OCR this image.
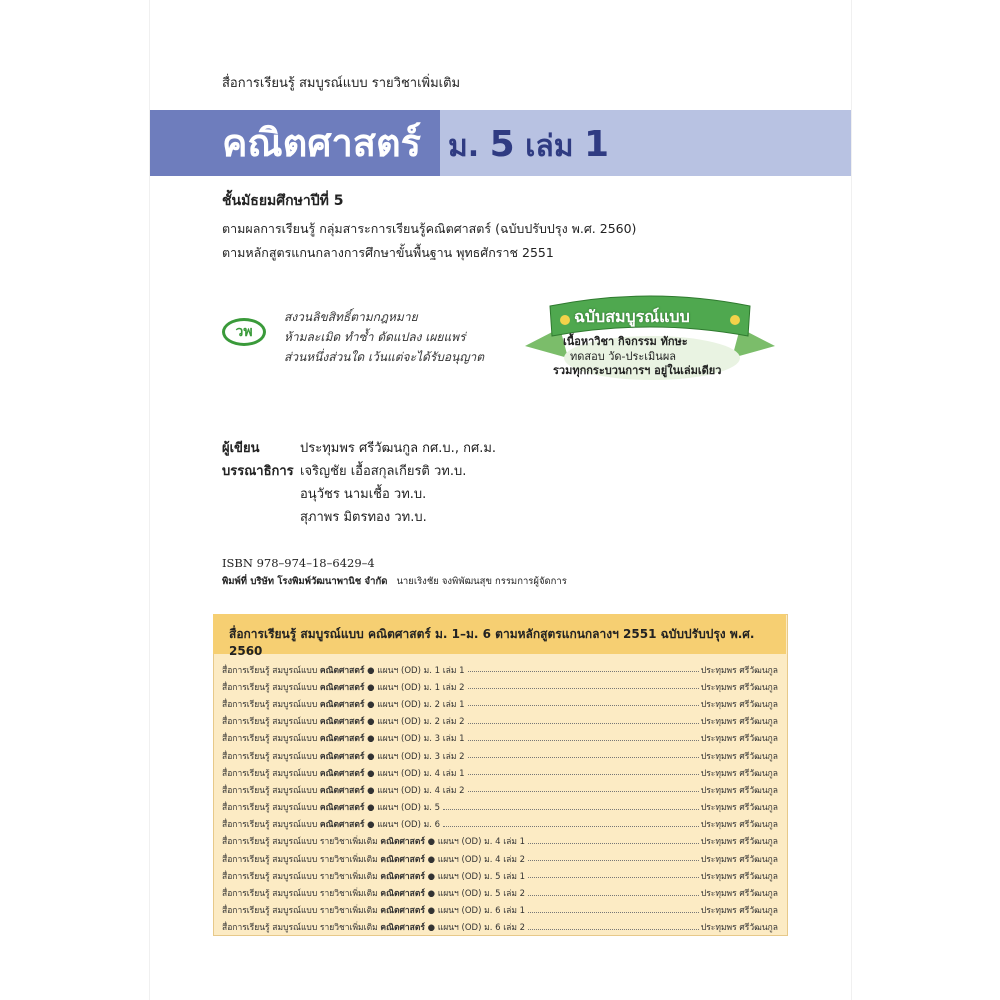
สื่อการเรียนรู้ สมบูรณ์แบบ รายวิชาเพิ่มเติม
คณิตศาสตร์ ม. 5 เล่ม 1
ชั้นมัธยมศึกษาปีที่ 5
ตามผลการเรียนรู้ กลุ่มสาระการเรียนรู้คณิตศาสตร์ (ฉบับปรับปรุง พ.ศ. 2560)
ตามหลักสูตรแกนกลางการศึกษาขั้นพื้นฐาน พุทธศักราช 2551
วพ
สงวนลิขสิทธิ์ตามกฎหมาย
ห้ามละเมิด ทำซ้ำ ดัดแปลง เผยแพร่
ส่วนหนึ่งส่วนใด เว้นแต่จะได้รับอนุญาต
ฉบับสมบูรณ์แบบ
เนื้อหาวิชา กิจกรรม ทักษะ
ทดสอบ วัด-ประเมินผล
รวมทุกกระบวนการฯ อยู่ในเล่มเดียว
ผู้เขียน	ประทุมพร ศรีวัฒนกูล กศ.บ., กศ.ม.
บรรณาธิการ เจริญชัย เอื้อสกุลเกียรติ วท.บ.
อนุวัชร นามเชื้อ วท.บ.
สุภาพร มิตรทอง วท.บ.
ISBN 978–974–18–6429–4
พิมพ์ที่ บริษัท โรงพิมพ์วัฒนาพานิช จำกัด นายเริงชัย จงพิพัฒนสุข กรรมการผู้จัดการ
สื่อการเรียนรู้ สมบูรณ์แบบ คณิตศาสตร์ ม. 1–ม. 6 ตามหลักสูตรแกนกลางฯ 2551 ฉบับปรับปรุง พ.ศ. 2560
สื่อการเรียนรู้ สมบูรณ์แบบ คณิตศาสตร์ ● แผนฯ (OD) ม. 1 เล่ม 1	ประทุมพร ศรีวัฒนกูล
สื่อการเรียนรู้ สมบูรณ์แบบ คณิตศาสตร์ ● แผนฯ (OD) ม. 1 เล่ม 2	ประทุมพร ศรีวัฒนกูล
สื่อการเรียนรู้ สมบูรณ์แบบ คณิตศาสตร์ ● แผนฯ (OD) ม. 2 เล่ม 1	ประทุมพร ศรีวัฒนกูล
สื่อการเรียนรู้ สมบูรณ์แบบ คณิตศาสตร์ ● แผนฯ (OD) ม. 2 เล่ม 2	ประทุมพร ศรีวัฒนกูล
สื่อการเรียนรู้ สมบูรณ์แบบ คณิตศาสตร์ ● แผนฯ (OD) ม. 3 เล่ม 1	ประทุมพร ศรีวัฒนกูล
สื่อการเรียนรู้ สมบูรณ์แบบ คณิตศาสตร์ ● แผนฯ (OD) ม. 3 เล่ม 2	ประทุมพร ศรีวัฒนกูล
สื่อการเรียนรู้ สมบูรณ์แบบ คณิตศาสตร์ ● แผนฯ (OD) ม. 4 เล่ม 1	ประทุมพร ศรีวัฒนกูล
สื่อการเรียนรู้ สมบูรณ์แบบ คณิตศาสตร์ ● แผนฯ (OD) ม. 4 เล่ม 2	ประทุมพร ศรีวัฒนกูล
สื่อการเรียนรู้ สมบูรณ์แบบ คณิตศาสตร์ ● แผนฯ (OD) ม. 5	ประทุมพร ศรีวัฒนกูล
สื่อการเรียนรู้ สมบูรณ์แบบ คณิตศาสตร์ ● แผนฯ (OD) ม. 6	ประทุมพร ศรีวัฒนกูล
สื่อการเรียนรู้ สมบูรณ์แบบ รายวิชาเพิ่มเติม คณิตศาสตร์ ● แผนฯ (OD) ม. 4 เล่ม 1	ประทุมพร ศรีวัฒนกูล
สื่อการเรียนรู้ สมบูรณ์แบบ รายวิชาเพิ่มเติม คณิตศาสตร์ ● แผนฯ (OD) ม. 4 เล่ม 2	ประทุมพร ศรีวัฒนกูล
สื่อการเรียนรู้ สมบูรณ์แบบ รายวิชาเพิ่มเติม คณิตศาสตร์ ● แผนฯ (OD) ม. 5 เล่ม 1	ประทุมพร ศรีวัฒนกูล
สื่อการเรียนรู้ สมบูรณ์แบบ รายวิชาเพิ่มเติม คณิตศาสตร์ ● แผนฯ (OD) ม. 5 เล่ม 2	ประทุมพร ศรีวัฒนกูล
สื่อการเรียนรู้ สมบูรณ์แบบ รายวิชาเพิ่มเติม คณิตศาสตร์ ● แผนฯ (OD) ม. 6 เล่ม 1	ประทุมพร ศรีวัฒนกูล
สื่อการเรียนรู้ สมบูรณ์แบบ รายวิชาเพิ่มเติม คณิตศาสตร์ ● แผนฯ (OD) ม. 6 เล่ม 2	ประทุมพร ศรีวัฒนกูล
